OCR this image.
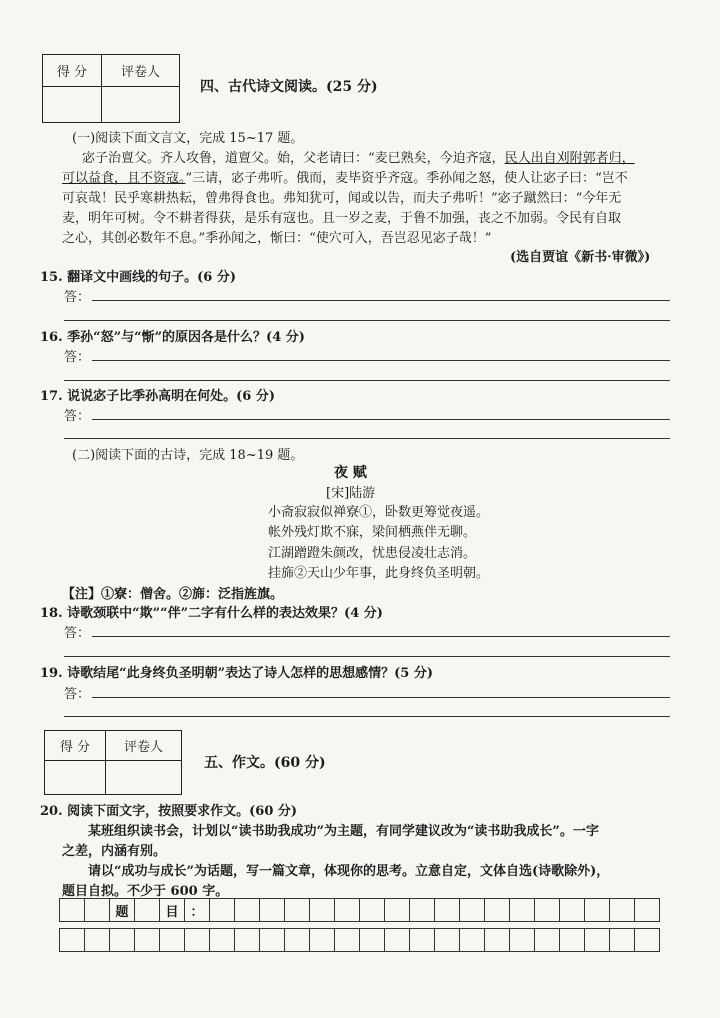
得 分	评卷人

四、古代诗文阅读。(25 分)
(一)阅读下面文言文，完成 15~17 题。
宓子治亶父。齐人攻鲁，道亶父。始，父老请曰：“麦已熟矣，今迫齐寇，民人出自刈附郭者归，
可以益食，且不资寇。”三请，宓子弗听。俄而，麦毕资乎齐寇。季孙闻之怒，使人让宓子曰：“岂不
可哀哉！民乎寒耕热耘，曾弗得食也。弗知犹可，闻或以告，而夫子弗听！”宓子蹴然曰：“今年无
麦，明年可树。令不耕者得获，是乐有寇也。且一岁之麦，于鲁不加强，丧之不加弱。令民有自取
之心，其创必数年不息。”季孙闻之，惭曰：“使穴可入，吾岂忍见宓子哉！”
(选自贾谊《新书·审微》)
15. 翻译文中画线的句子。(6 分)
答：
16. 季孙“怒”与“惭”的原因各是什么？(4 分)
答：
17. 说说宓子比季孙高明在何处。(6 分)
答：
(二)阅读下面的古诗，完成 18~19 题。
夜 赋
[宋]陆游
小斋寂寂似禅寮①，卧数更筹觉夜遥。
帐外残灯欺不寐，梁间栖燕伴无聊。
江湖蹭蹬朱颜改，忧患侵凌壮志消。
挂旆②天山少年事，此身终负圣明朝。
【注】①寮：僧舍。②旆：泛指旌旗。
18. 诗歌颈联中“欺”“伴”二字有什么样的表达效果？(4 分)
答：
19. 诗歌结尾“此身终负圣明朝”表达了诗人怎样的思想感情？(5 分)
答：
得 分	评卷人

五、作文。(60 分)
20. 阅读下面文字，按照要求作文。(60 分)
某班组织读书会，计划以“读书助我成功”为主题，有同学建议改为“读书助我成长”。一字
之差，内涵有别。
请以“成功与成长”为话题，写一篇文章，体现你的思考。立意自定，文体自选(诗歌除外)，
题目自拟。不少于 600 字。
题	目 ：
